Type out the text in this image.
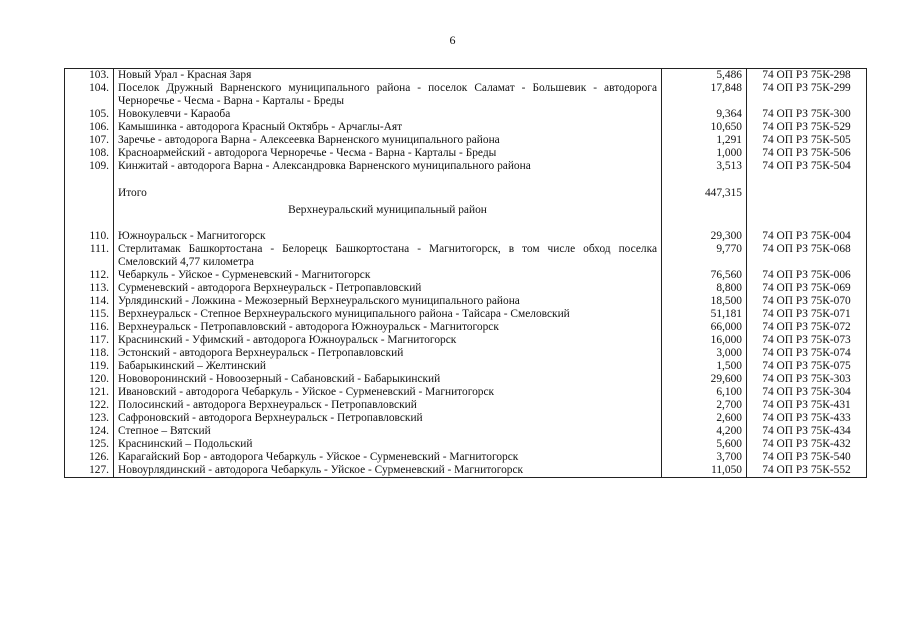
6
103.	Новый Урал - Красная Заря	5,486	74 ОП РЗ 75К-298
104.	Поселок Дружный Варненского муниципального района - поселок Саламат - Большевик - автодорога Черноречье - Чесма - Варна - Карталы - Бреды	17,848	74 ОП РЗ 75К-299
105.	Новокулевчи - Караоба	9,364	74 ОП РЗ 75К-300
106.	Камышинка - автодорога Красный Октябрь - Арчаглы-Аят	10,650	74 ОП РЗ 75К-529
107.	Заречье - автодорога Варна - Алексеевка Варненского муниципального района	1,291	74 ОП РЗ 75К-505
108.	Красноармейский - автодорога Черноречье - Чесма - Варна - Карталы - Бреды	1,000	74 ОП РЗ 75К-506
109.	Кинжитай - автодорога Варна - Александровка Варненского муниципального района	3,513	74 ОП РЗ 75К-504

	Итого	447,315	
	Верхнеуральский муниципальный район		

110.	Южноуральск - Магнитогорск	29,300	74 ОП РЗ 75К-004
111.	Стерлитамак Башкортостана - Белорецк Башкортостана - Магнитогорск, в том числе обход поселка Смеловский 4,77 километра	9,770	74 ОП РЗ 75К-068
112.	Чебаркуль - Уйское - Сурменевский - Магнитогорск	76,560	74 ОП РЗ 75К-006
113.	Сурменевский - автодорога Верхнеуральск - Петропавловский	8,800	74 ОП РЗ 75К-069
114.	Урлядинский - Ложкина - Межозерный Верхнеуральского муниципального района	18,500	74 ОП РЗ 75К-070
115.	Верхнеуральск - Степное Верхнеуральского муниципального района - Тайсара - Смеловский	51,181	74 ОП РЗ 75К-071
116.	Верхнеуральск - Петропавловский - автодорога Южноуральск - Магнитогорск	66,000	74 ОП РЗ 75К-072
117.	Краснинский - Уфимский - автодорога Южноуральск - Магнитогорск	16,000	74 ОП РЗ 75К-073
118.	Эстонский - автодорога Верхнеуральск - Петропавловский	3,000	74 ОП РЗ 75К-074
119.	Бабарыкинский – Желтинский	1,500	74 ОП РЗ 75К-075
120.	Нововоронинский - Новоозерный - Сабановский - Бабарыкинский	29,600	74 ОП РЗ 75К-303
121.	Ивановский - автодорога Чебаркуль - Уйское - Сурменевский - Магнитогорск	6,100	74 ОП РЗ 75К-304
122.	Полосинский - автодорога Верхнеуральск - Петропавловский	2,700	74 ОП РЗ 75К-431
123.	Сафроновский - автодорога Верхнеуральск - Петропавловский	2,600	74 ОП РЗ 75К-433
124.	Степное – Вятский	4,200	74 ОП РЗ 75К-434
125.	Краснинский – Подольский	5,600	74 ОП РЗ 75К-432
126.	Карагайский Бор - автодорога Чебаркуль - Уйское - Сурменевский - Магнитогорск	3,700	74 ОП РЗ 75К-540
127.	Новоурлядинский - автодорога Чебаркуль - Уйское - Сурменевский - Магнитогорск	11,050	74 ОП РЗ 75К-552
